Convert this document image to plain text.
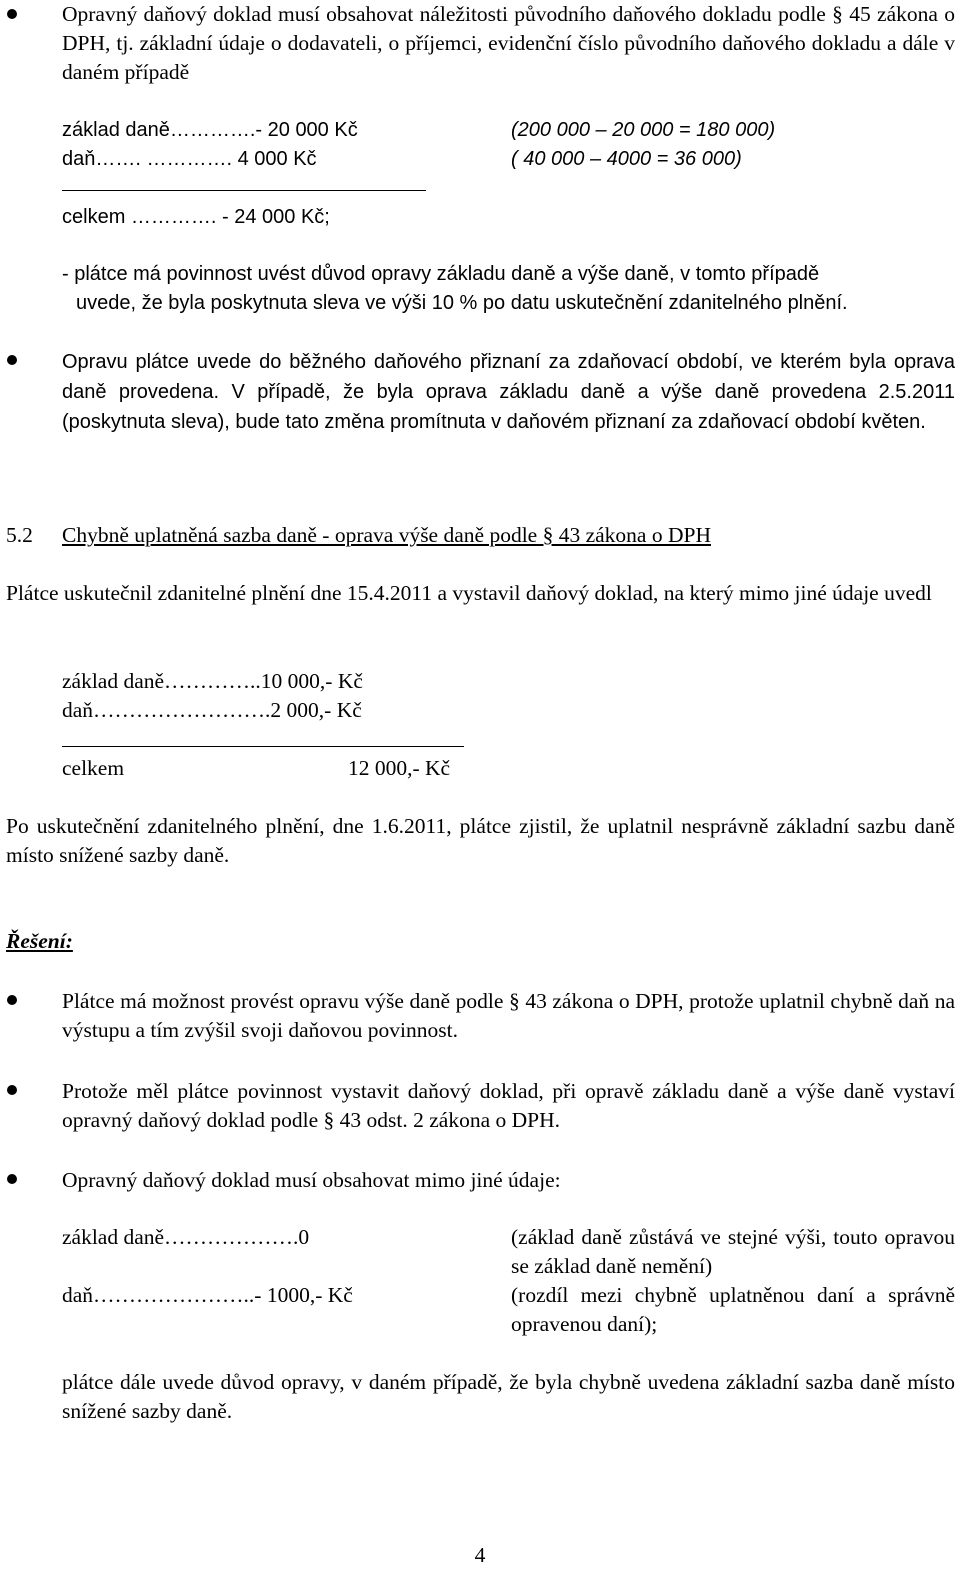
Opravný daňový doklad musí obsahovat náležitosti původního daňového dokladu podle § 45 zákona o DPH, tj. základní údaje o dodavateli, o příjemci, evidenční číslo původního daňového dokladu a dále v daném případě
základ daně………….- 20 000 Kč	(200 000 – 20 000 = 180 000)
daň……. …………. 4 000 Kč	( 40 000 – 4000 = 36 000)
celkem …………. - 24 000 Kč;
- plátce má povinnost uvést důvod opravy základu daně a výše daně, v tomto případě
uvede, že byla poskytnuta sleva ve výši 10 % po datu uskutečnění zdanitelného plnění.
Opravu plátce uvede do běžného daňového přiznaní za zdaňovací období, ve kterém byla oprava daně provedena. V případě, že byla oprava základu daně a výše daně provedena 2.5.2011 (poskytnuta sleva), bude tato změna promítnuta v daňovém přiznaní za zdaňovací období květen.
5.2 Chybně uplatněná sazba daně - oprava výše daně podle § 43 zákona o DPH
Plátce uskutečnil zdanitelné plnění dne 15.4.2011 a vystavil daňový doklad, na který mimo jiné údaje uvedl
základ daně…………..10 000,- Kč
daň…………………….2 000,- Kč
celkem	12 000,- Kč
Po uskutečnění zdanitelného plnění, dne 1.6.2011, plátce zjistil, že uplatnil nesprávně základní sazbu daně místo snížené sazby daně.
Řešení:
Plátce má možnost provést opravu výše daně podle § 43 zákona o DPH, protože uplatnil chybně daň na výstupu a tím zvýšil svoji daňovou povinnost.
Protože měl plátce povinnost vystavit daňový doklad, při opravě základu daně a výše daně vystaví opravný daňový doklad podle § 43 odst. 2 zákona o DPH.
Opravný daňový doklad musí obsahovat mimo jiné údaje:
základ daně……………….0	(základ daně zůstává ve stejné výši, touto opravou se základ daně nemění)
daň…………………..- 1000,- Kč	(rozdíl mezi chybně uplatněnou daní a správně opravenou daní);
plátce dále uvede důvod opravy, v daném případě, že byla chybně uvedena základní sazba daně místo snížené sazby daně.
4
